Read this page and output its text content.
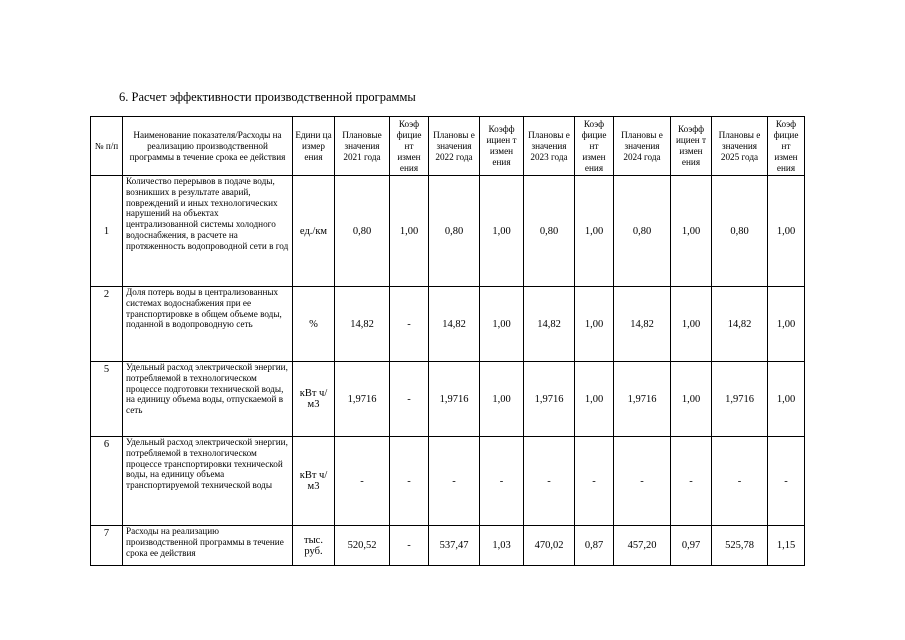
6. Расчет эффективности производственной программы
№ п/п	Наименование показателя/Расходы на реализацию производственной программы в течение срока ее действия	Едини ца измер ения	Плановые значения 2021 года	Коэф фицие нт измен ения	Плановы е значения 2022 года	Коэфф ициен т измен ения	Плановы е значения 2023 года	Коэф фицие нт измен ения	Плановы е значения 2024 года	Коэфф ициен т измен ения	Плановы е значения 2025 года	Коэф фицие нт измен ения
1	Количество перерывов в подаче воды, возникших в результате аварий, повреждений и иных технологических нарушений на объектах централизованной системы холодного водоснабжения, в расчете на протяженность водопроводной сети в год	ед./км	0,80	1,00	0,80	1,00	0,80	1,00	0,80	1,00	0,80	1,00
2	Доля потерь воды в централизованных системах водоснабжения при ее транспортировке в общем объеме воды, поданной в водопроводную сеть	%	14,82	-	14,82	1,00	14,82	1,00	14,82	1,00	14,82	1,00
5	Удельный расход электрической энергии, потребляемой в технологическом процессе подготовки технической воды, на единицу объема воды, отпускаемой в сеть	кВт ч/м3	1,9716	-	1,9716	1,00	1,9716	1,00	1,9716	1,00	1,9716	1,00
6	Удельный расход электрической энергии, потребляемой в технологическом процессе транспортировки технической воды, на единицу объема транспортируемой технической воды	кВт ч/м3	-	-	-	-	-	-	-	-	-	-
7	Расходы на реализацию производственной программы в течение срока ее действия	тыс. руб.	520,52	-	537,47	1,03	470,02	0,87	457,20	0,97	525,78	1,15
